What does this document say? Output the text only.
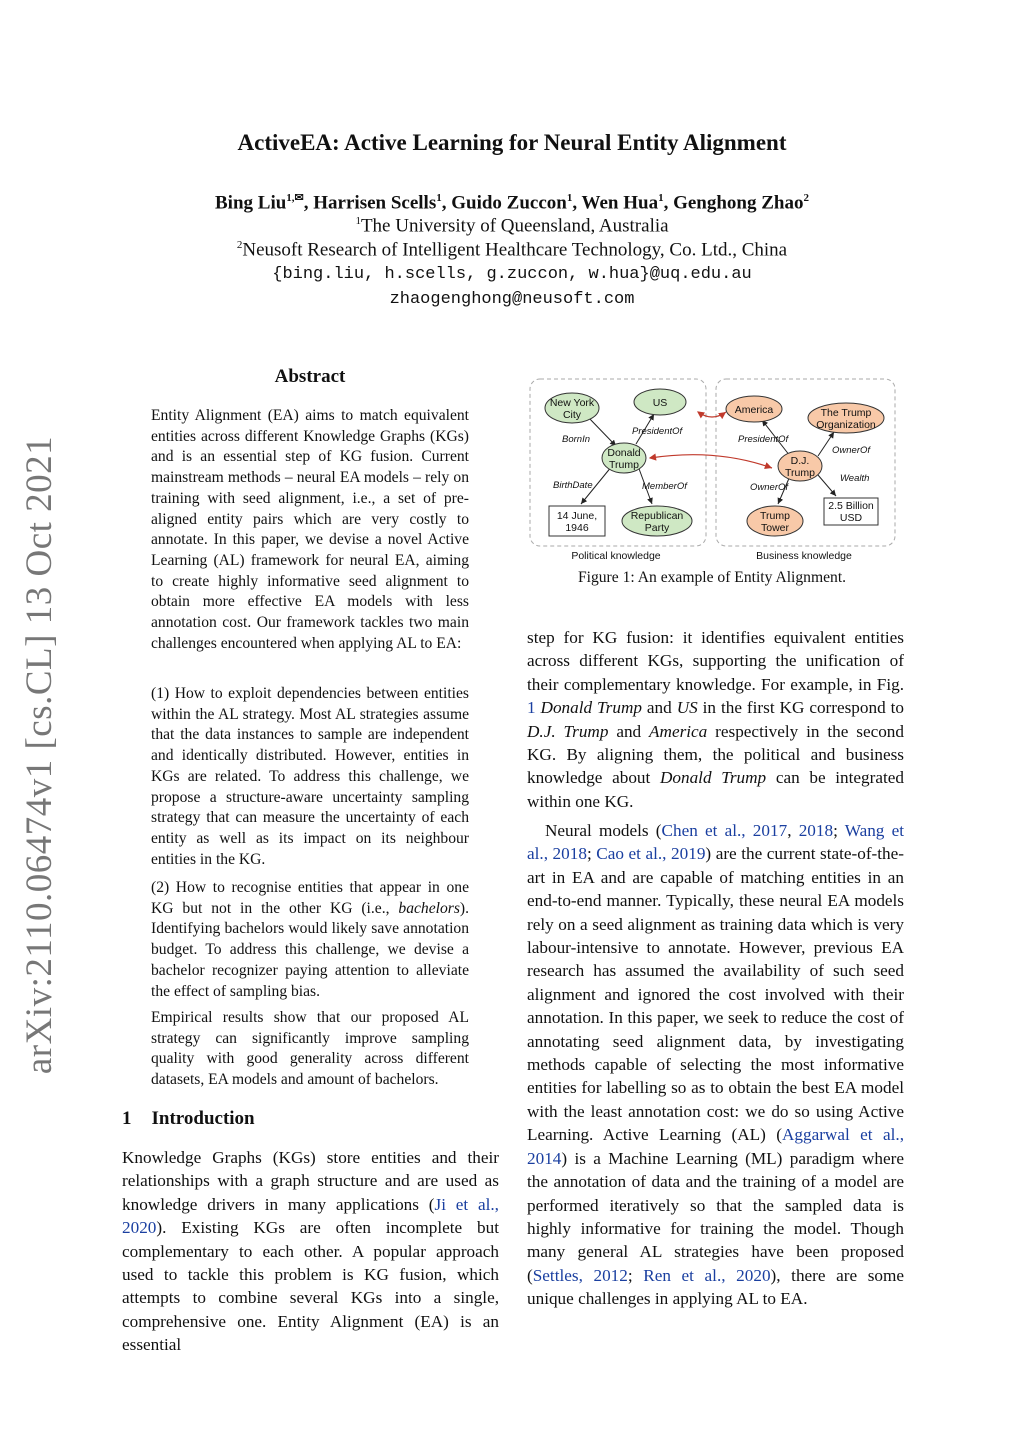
ActiveEA: Active Learning for Neural Entity Alignment
Bing Liu$^{1,✉}$, Harrisen Scells$^1$, Guido Zuccon$^1$, Wen Hua$^1$, Genghong Zhao$^2$
$^1$The University of Queensland, Australia
$^2$Neusoft Research of Intelligent Healthcare Technology, Co. Ltd., China
{bing.liu, h.scells, g.zuccon, w.hua}@uq.edu.au
zhaogenghong@neusoft.com
arXiv:2110.06474v1 [cs.CL] 13 Oct 2021
Abstract
Entity Alignment (EA) aims to match equivalent entities across different Knowledge Graphs (KGs) and is an essential step of KG fusion. Current mainstream methods – neural EA models – rely on training with seed alignment, i.e., a set of pre-aligned entity pairs which are very costly to annotate. In this paper, we devise a novel Active Learning (AL) framework for neural EA, aiming to create highly informative seed alignment to obtain more effective EA models with less annotation cost. Our framework tackles two main challenges encountered when applying AL to EA:
(1) How to exploit dependencies between entities within the AL strategy. Most AL strategies assume that the data instances to sample are independent and identically distributed. However, entities in KGs are related. To address this challenge, we propose a structure-aware uncertainty sampling strategy that can measure the uncertainty of each entity as well as its impact on its neighbour entities in the KG.
(2) How to recognise entities that appear in one KG but not in the other KG (i.e., bachelors). Identifying bachelors would likely save annotation budget. To address this challenge, we devise a bachelor recognizer paying attention to alleviate the effect of sampling bias.
Empirical results show that our proposed AL strategy can significantly improve sampling quality with good generality across different datasets, EA models and amount of bachelors.
1 Introduction
Knowledge Graphs (KGs) store entities and their relationships with a graph structure and are used as knowledge drivers in many applications (Ji et al., 2020). Existing KGs are often incomplete but complementary to each other. A popular approach used to tackle this problem is KG fusion, which attempts to combine several KGs into a single, comprehensive one. Entity Alignment (EA) is an essential
New York
City
US
Donald
Trump
14 June,
1946
Republican
Party
America	The Trump
Organization
D.J.
Trump
2.5 Billion
USD
Trump
Tower
BornIn
PresidentOf
BirthDate	MemberOf
PresidentOf
OwnerOf
Wealth
OwnerOf
Political knowledge	Business knowledge
Figure 1: An example of Entity Alignment.
step for KG fusion: it identifies equivalent entities across different KGs, supporting the unification of their complementary knowledge. For example, in Fig. 1 Donald Trump and US in the first KG correspond to D.J. Trump and America respectively in the second KG. By aligning them, the political and business knowledge about Donald Trump can be integrated within one KG.
Neural models (Chen et al., 2017, 2018; Wang et al., 2018; Cao et al., 2019) are the current state-of-the-art in EA and are capable of matching entities in an end-to-end manner. Typically, these neural EA models rely on a seed alignment as training data which is very labour-intensive to annotate. However, previous EA research has assumed the availability of such seed alignment and ignored the cost involved with their annotation. In this paper, we seek to reduce the cost of annotating seed alignment data, by investigating methods capable of selecting the most informative entities for labelling so as to obtain the best EA model with the least annotation cost: we do so using Active Learning. Active Learning (AL) (Aggarwal et al., 2014) is a Machine Learning (ML) paradigm where the annotation of data and the training of a model are performed iteratively so that the sampled data is highly informative for training the model. Though many general AL strategies have been proposed (Settles, 2012; Ren et al., 2020), there are some unique challenges in applying AL to EA.
